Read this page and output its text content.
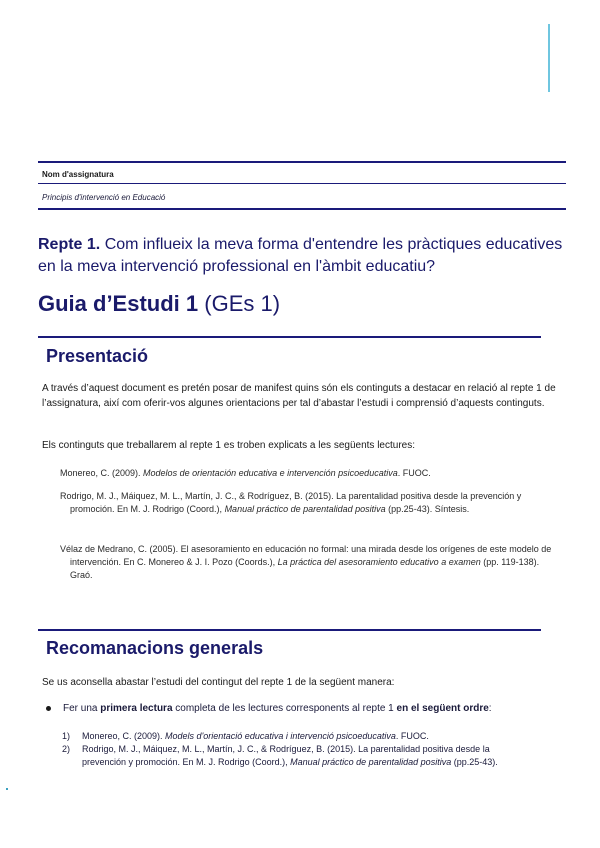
Nom d'assignatura
Principis d'intervenció en Educació
Repte 1. Com influeix la meva forma d'entendre les pràctiques educatives en la meva intervenció professional en l'àmbit educatiu?
Guia d’Estudi 1 (GEs 1)
Presentació
A través d’aquest document es pretén posar de manifest quins són els continguts a destacar en relació al repte 1 de l’assignatura, així com oferir-vos algunes orientacions per tal d’abastar l’estudi i comprensió d’aquests continguts.
Els continguts que treballarem al repte 1 es troben explicats a les següents lectures:
Monereo, C. (2009). Modelos de orientación educativa e intervención psicoeducativa. FUOC.
Rodrigo, M. J., Máiquez, M. L., Martín, J. C., & Rodríguez, B. (2015). La parentalidad positiva desde la prevención y promoción. En M. J. Rodrigo (Coord.), Manual práctico de parentalidad positiva (pp.25-43). Síntesis.
Vélaz de Medrano, C. (2005). El asesoramiento en educación no formal: una mirada desde los orígenes de este modelo de intervención. En C. Monereo & J. I. Pozo (Coords.), La práctica del asesoramiento educativo a examen (pp. 119-138). Graó.
Recomanacions generals
Se us aconsella abastar l’estudi del contingut del repte 1 de la següent manera:
Fer una primera lectura completa de les lectures corresponents al repte 1 en el següent ordre:
1) Monereo, C. (2009). Models d'orientació educativa i intervenció psicoeducativa. FUOC.
2) Rodrigo, M. J., Máiquez, M. L., Martín, J. C., & Rodríguez, B. (2015). La parentalidad positiva desde la
prevención y promoción. En M. J. Rodrigo (Coord.), Manual práctico de parentalidad positiva (pp.25-43).
